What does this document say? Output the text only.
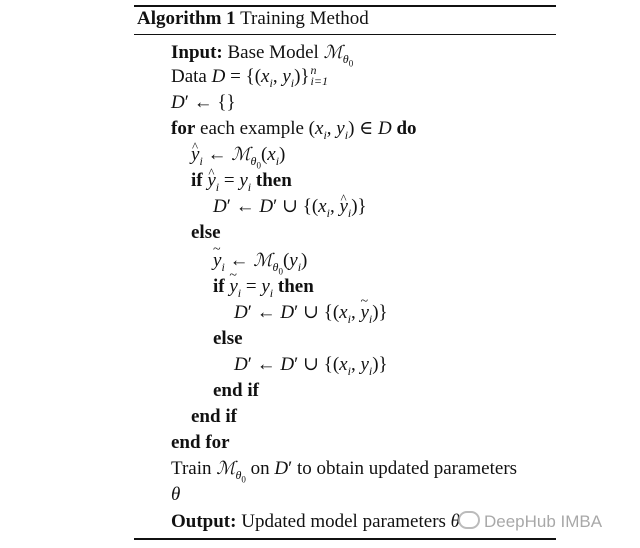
Algorithm 1 Training Method
Input: Base Model ℳ$_{\theta_0}$
Data $D = \{(x_i$, $y_i)\}n$
i=1
D′ ← {}
for each example ($x_i$, $y_i$) ∈ D do
^ $y_i$ ← $ℳ_{\theta_0}(x_i)$
if ^ $y_i = y_i$ then
D′ ← D′ ∪ {($x_i$, ^ $y_i$)}
else
~ $y_i$ ← $ℳ_{\theta_0}(y_i)$
if ~ $y_i = y_i$ then
D′ ← D′ ∪ {($x_i$, ~ $y_i$)}
else
D′ ← D′ ∪ {($x_i$, $y_i$)}
end if
end if
end for
Train ℳ$_{\theta_0}$ on D′ to obtain updated parameters
θ
Output: Updated model parameters θ	DeepHub IMBA
